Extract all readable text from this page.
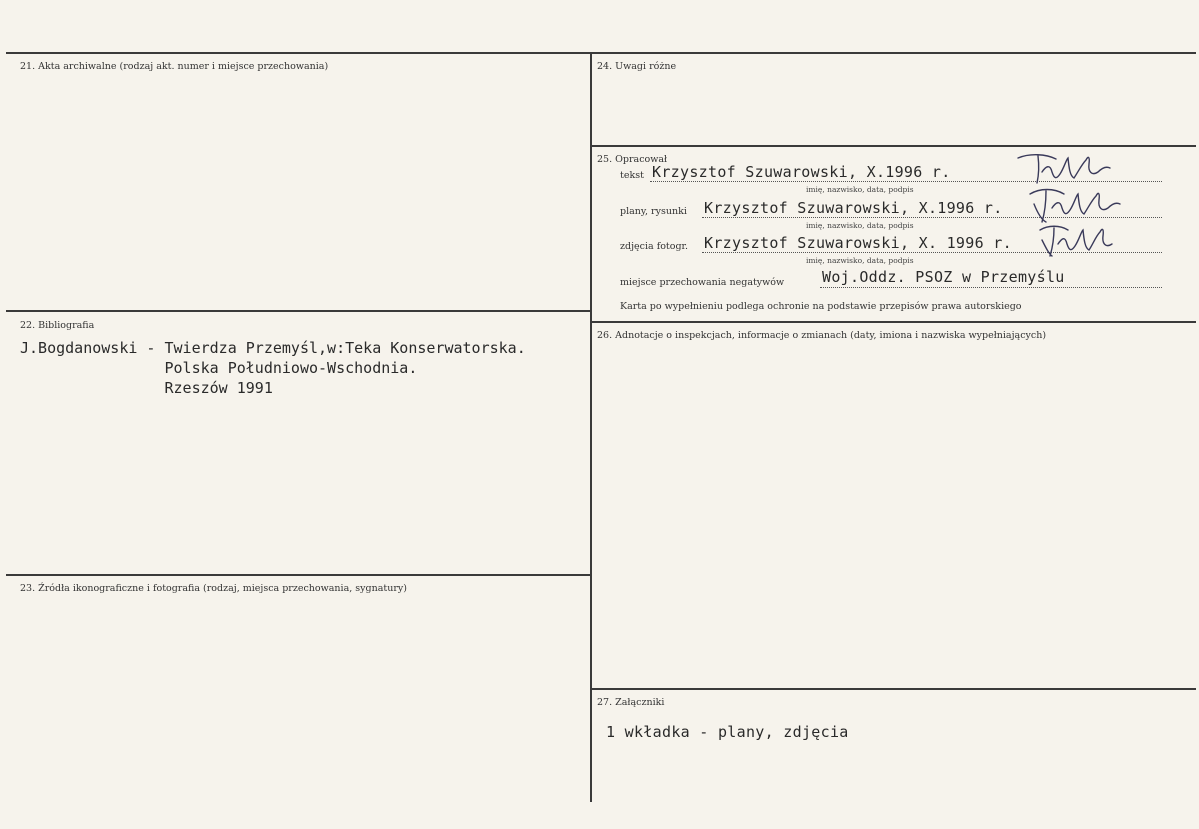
21. Akta archiwalne (rodzaj akt. numer i miejsce przechowania)
22. Bibliografia
J.Bogdanowski - Twierdza Przemyśl,w:Teka Konserwatorska.
Polska Południowo-Wschodnia.
Rzeszów 1991
23. Źródła ikonograficzne i fotografia (rodzaj, miejsca przechowania, sygnatury)
24. Uwagi różne
25. Opracował
tekst Krzysztof Szuwarowski, X.1996 r.
imię, nazwisko, data, podpis
plany, rysunki Krzysztof Szuwarowski, X.1996 r.
imię, nazwisko, data, podpis
zdjęcia fotogr. Krzysztof Szuwarowski, X. 1996 r.
imię, nazwisko, data, podpis
miejsce przechowania negatywów	Woj.Oddz. PSOZ w Przemyślu
Karta po wypełnieniu podlega ochronie na podstawie przepisów prawa autorskiego
26. Adnotacje o inspekcjach, informacje o zmianach (daty, imiona i nazwiska wypełniających)
27. Załączniki
1 wkładka - plany, zdjęcia
